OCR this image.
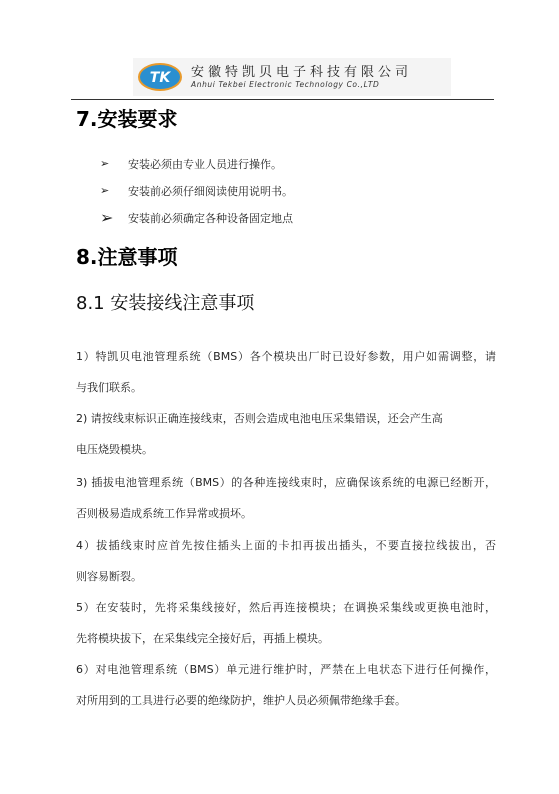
TK 安徽特凯贝电子科技有限公司
Anhui Tekbei Electronic Technology Co.,LTD
7.安装要求
➢	安装必须由专业人员进行操作。
➢	安装前必须仔细阅读使用说明书。
➢	安装前必须确定各种设备固定地点
8.注意事项
8.1 安装接线注意事项
1）特凯贝电池管理系统（BMS）各个模块出厂时已设好参数，用户如需调整，请
与我们联系。
2) 请按线束标识正确连接线束，否则会造成电池电压采集错误，还会产生高
电压烧毁模块。
3) 插拔电池管理系统（BMS）的各种连接线束时，应确保该系统的电源已经断开，
否则极易造成系统工作异常或损坏。
4）拔插线束时应首先按住插头上面的卡扣再拔出插头，不要直接拉线拔出，否
则容易断裂。
5）在安装时，先将采集线接好，然后再连接模块；在调换采集线或更换电池时，
先将模块拔下，在采集线完全接好后，再插上模块。
6）对电池管理系统（BMS）单元进行维护时，严禁在上电状态下进行任何操作，
对所用到的工具进行必要的绝缘防护，维护人员必须佩带绝缘手套。
